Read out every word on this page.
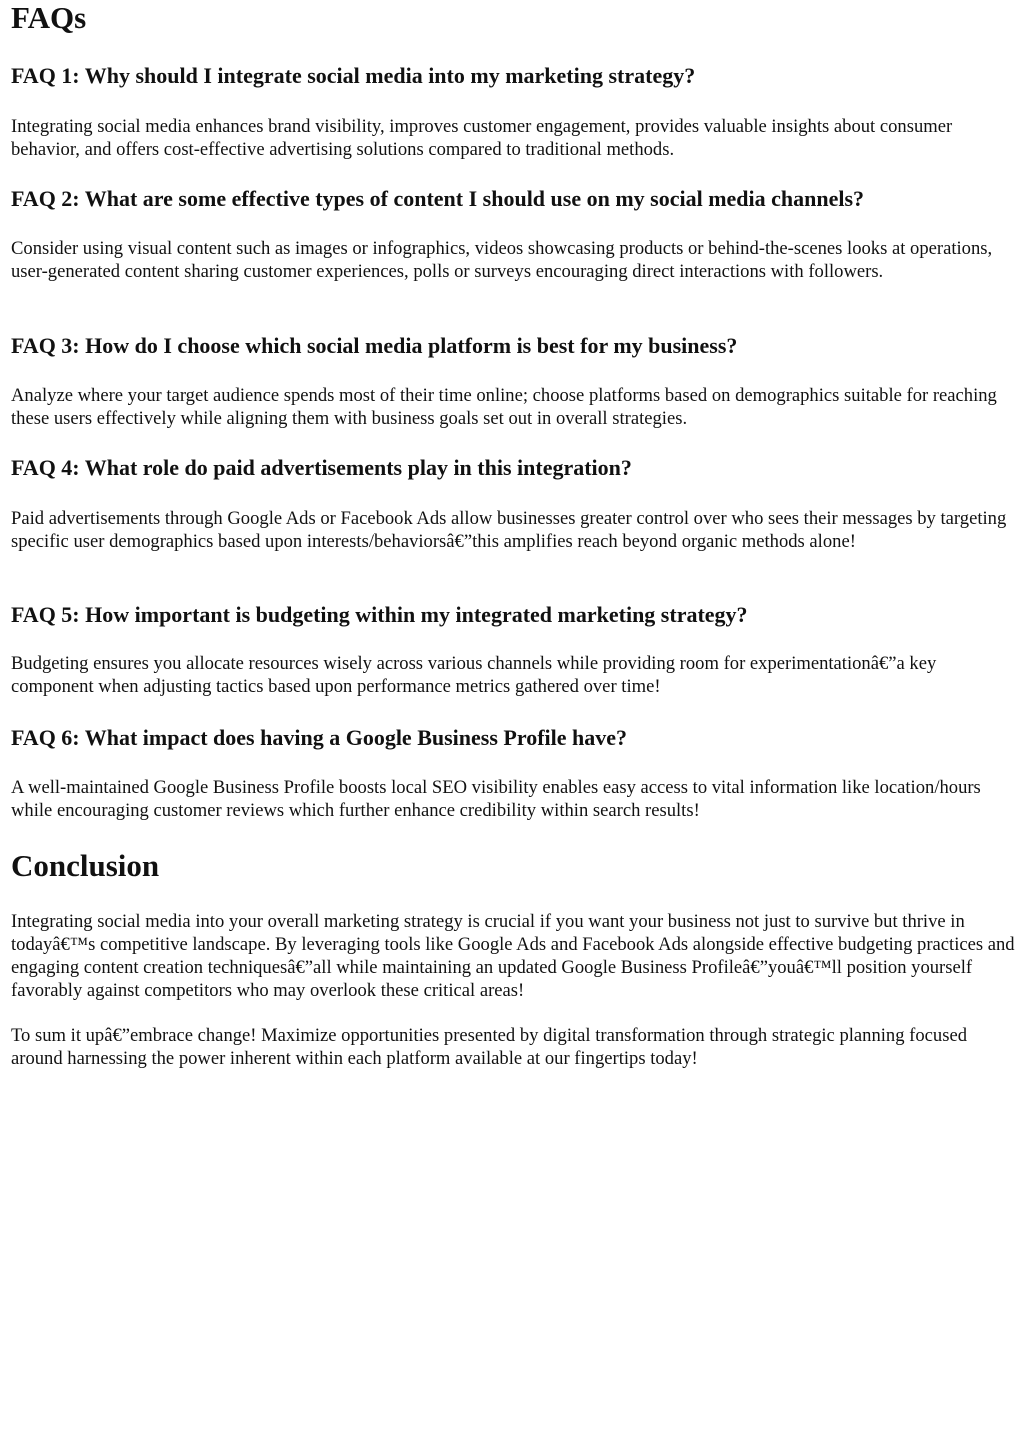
FAQs
FAQ 1: Why should I integrate social media into my marketing strategy?

Integrating social media enhances brand visibility, improves customer engagement, provides valuable insights about consumer behavior, and offers cost-effective advertising solutions compared to traditional methods.

FAQ 2: What are some effective types of content I should use on my social media channels?

Consider using visual content such as images or infographics, videos showcasing products or behind-the-scenes looks at operations, user-generated content sharing customer experiences, polls or surveys encouraging direct interactions with followers.

FAQ 3: How do I choose which social media platform is best for my business?

Analyze where your target audience spends most of their time online; choose platforms based on demographics suitable for reaching these users effectively while aligning them with business goals set out in overall strategies.

FAQ 4: What role do paid advertisements play in this integration?

Paid advertisements through Google Ads or Facebook Ads allow businesses greater control over who sees their messages by targeting specific user demographics based upon interests/behaviorsâ€”this amplifies reach beyond organic methods alone!

FAQ 5: How important is budgeting within my integrated marketing strategy?

Budgeting ensures you allocate resources wisely across various channels while providing room for experimentationâ€”a key component when adjusting tactics based upon performance metrics gathered over time!

FAQ 6: What impact does having a Google Business Profile have?

A well-maintained Google Business Profile boosts local SEO visibility enables easy access to vital information like location/hours while encouraging customer reviews which further enhance credibility within search results!

Conclusion

Integrating social media into your overall marketing strategy is crucial if you want your business not just to survive but thrive in todayâ€™s competitive landscape. By leveraging tools like Google Ads and Facebook Ads alongside effective budgeting practices and engaging content creation techniquesâ€”all while maintaining an updated Google Business Profileâ€”youâ€™ll position yourself favorably against competitors who may overlook these critical areas!

To sum it upâ€”embrace change! Maximize opportunities presented by digital transformation through strategic planning focused around harnessing the power inherent within each platform available at our fingertips today!
